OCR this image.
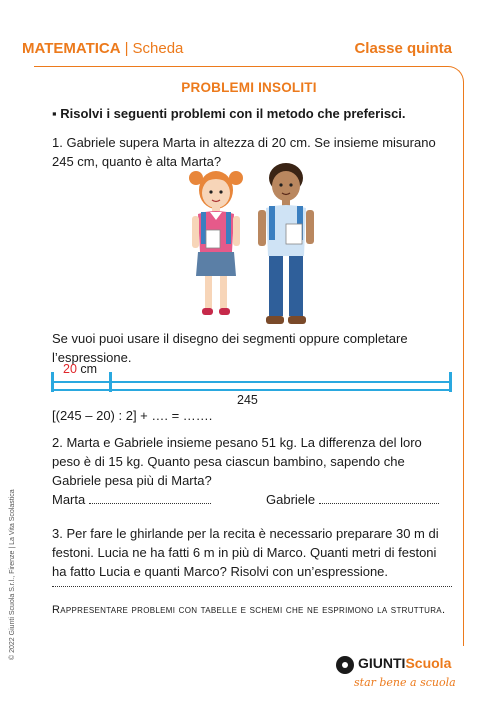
MATEMATICA | Scheda	Classe quinta
© 2022 Giunti Scuola S.r.l., Firenze | La Vita Scolastica
PROBLEMI INSOLITI
▪ Risolvi i seguenti problemi con il metodo che preferisci.
1. Gabriele supera Marta in altezza di 20 cm. Se insieme misurano 245 cm, quanto è alta Marta?
Se vuoi puoi usare il disegno dei segmenti oppure completare l’espressione.
20 cm
245
[(245 – 20) : 2] + …. = …….
2. Marta e Gabriele insieme pesano 51 kg. La differenza del loro peso è di 15 kg. Quanto pesa ciascun bambino, sapendo che Gabriele pesa più di Marta?
Marta	Gabriele
3. Per fare le ghirlande per la recita è necessario preparare 30 m di festoni. Lucia ne ha fatti 6 m in più di Marco. Quanti metri di festoni ha fatto Lucia e quanti Marco? Risolvi con un’espressione.
Rappresentare problemi con tabelle e schemi che ne esprimono la struttura.
GIUNTIScuola
star bene a scuola
